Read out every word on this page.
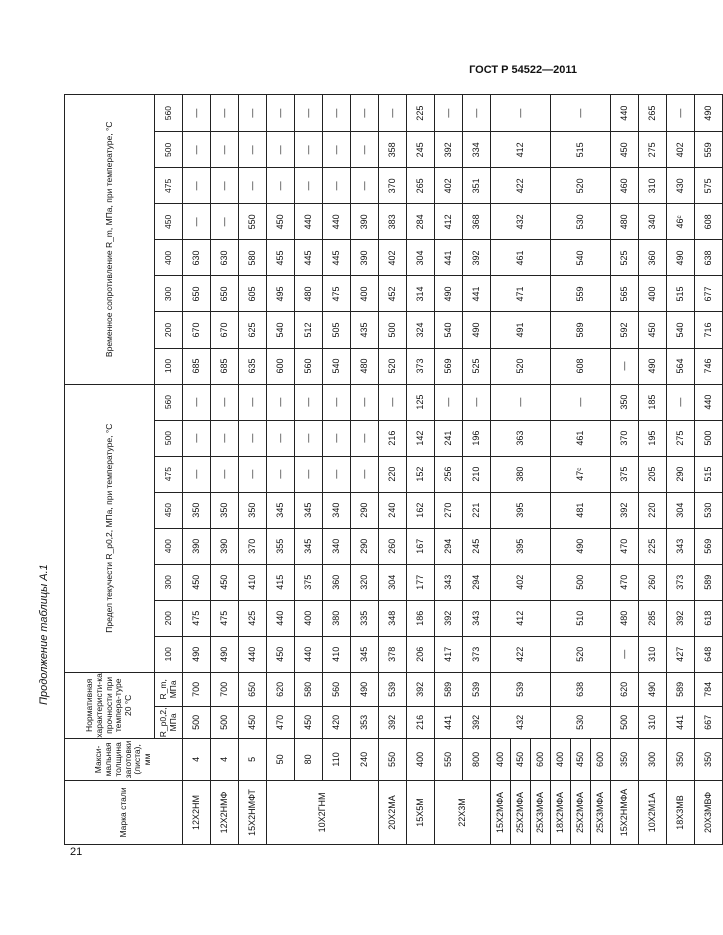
ГОСТ Р 54522—2011
21
Продолжение таблицы А.1
Марка стали	Макси-мальная толщина заготовки (листа), мм	Нормативная характеристи-ка прочности при темпера-туре 20 °С		Предел текучести R_p0,2, МПа, при температуре, °С								Временное сопротивление R_m, МПа, при температуре, °С							

		R_p0,2, МПа	R_m, МПа	100	200	300	400	450	475	500	560	100	200	300	400	450	475	500	560
12Х2НМ	4	500	700	490	475	450	390	350	—	—	—	685	670	650	630	—	—	—	—
12Х2НМФ	4	500	700	490	475	450	390	350	—	—	—	685	670	650	630	—	—	—	—
15Х2НМФТ	5	450	650	440	425	410	370	350	—	—	—	635	625	605	580	550	—	—	—
10Х2ГНМ	50	470	620	450	440	415	355	345	—	—	—	600	540	495	455	450	—	—	—
	80	450	580	440	400	375	345	345	—	—	—	560	512	480	445	440	—	—	—
	110	420	560	410	380	360	340	340	—	—	—	540	505	475	445	440	—	—	—
	240	353	490	345	335	320	290	290	—	—	—	480	435	400	390	390	—	—	—
20Х2МА	550	392	539	378	348	304	260	240	220	216	—	520	500	452	402	383	370	358	—
15Х5М	400	216	392	206	186	177	167	162	152	142	125	373	324	314	304	284	265	245	225
22Х3М	550	441	589	417	392	343	294	270	256	241	—	569	540	490	441	412	402	392	—
	800	392	539	373	343	294	245	221	210	196	—	525	490	441	392	368	351	334	—
15Х2МФА	400	432	539	422	412	402	395	395	380	363	—	520	491	471	461	432	422	412	—
25Х2МФА	450																		
25Х3МФА	600																		
18Х2МФА	400	530	638	520	510	500	490	481	47ᶜ	461	—	608	589	559	540	530	520	515	—
25Х2МФА	450																		
25Х3МФА	600																		
15Х2НМФА	350	500	620	—	480	470	470	392	375	370	350	—	592	565	525	480	460	450	440
10Х2М1А	300	310	490	310	285	260	225	220	205	195	185	490	450	400	360	340	310	275	265
18Х3МВ	350	441	589	427	392	373	343	304	290	275	—	564	540	515	490	46ᶜ	430	402	—
20Х3МВФ	350	667	784	648	618	589	569	530	515	500	440	746	716	677	638	608	575	559	490
